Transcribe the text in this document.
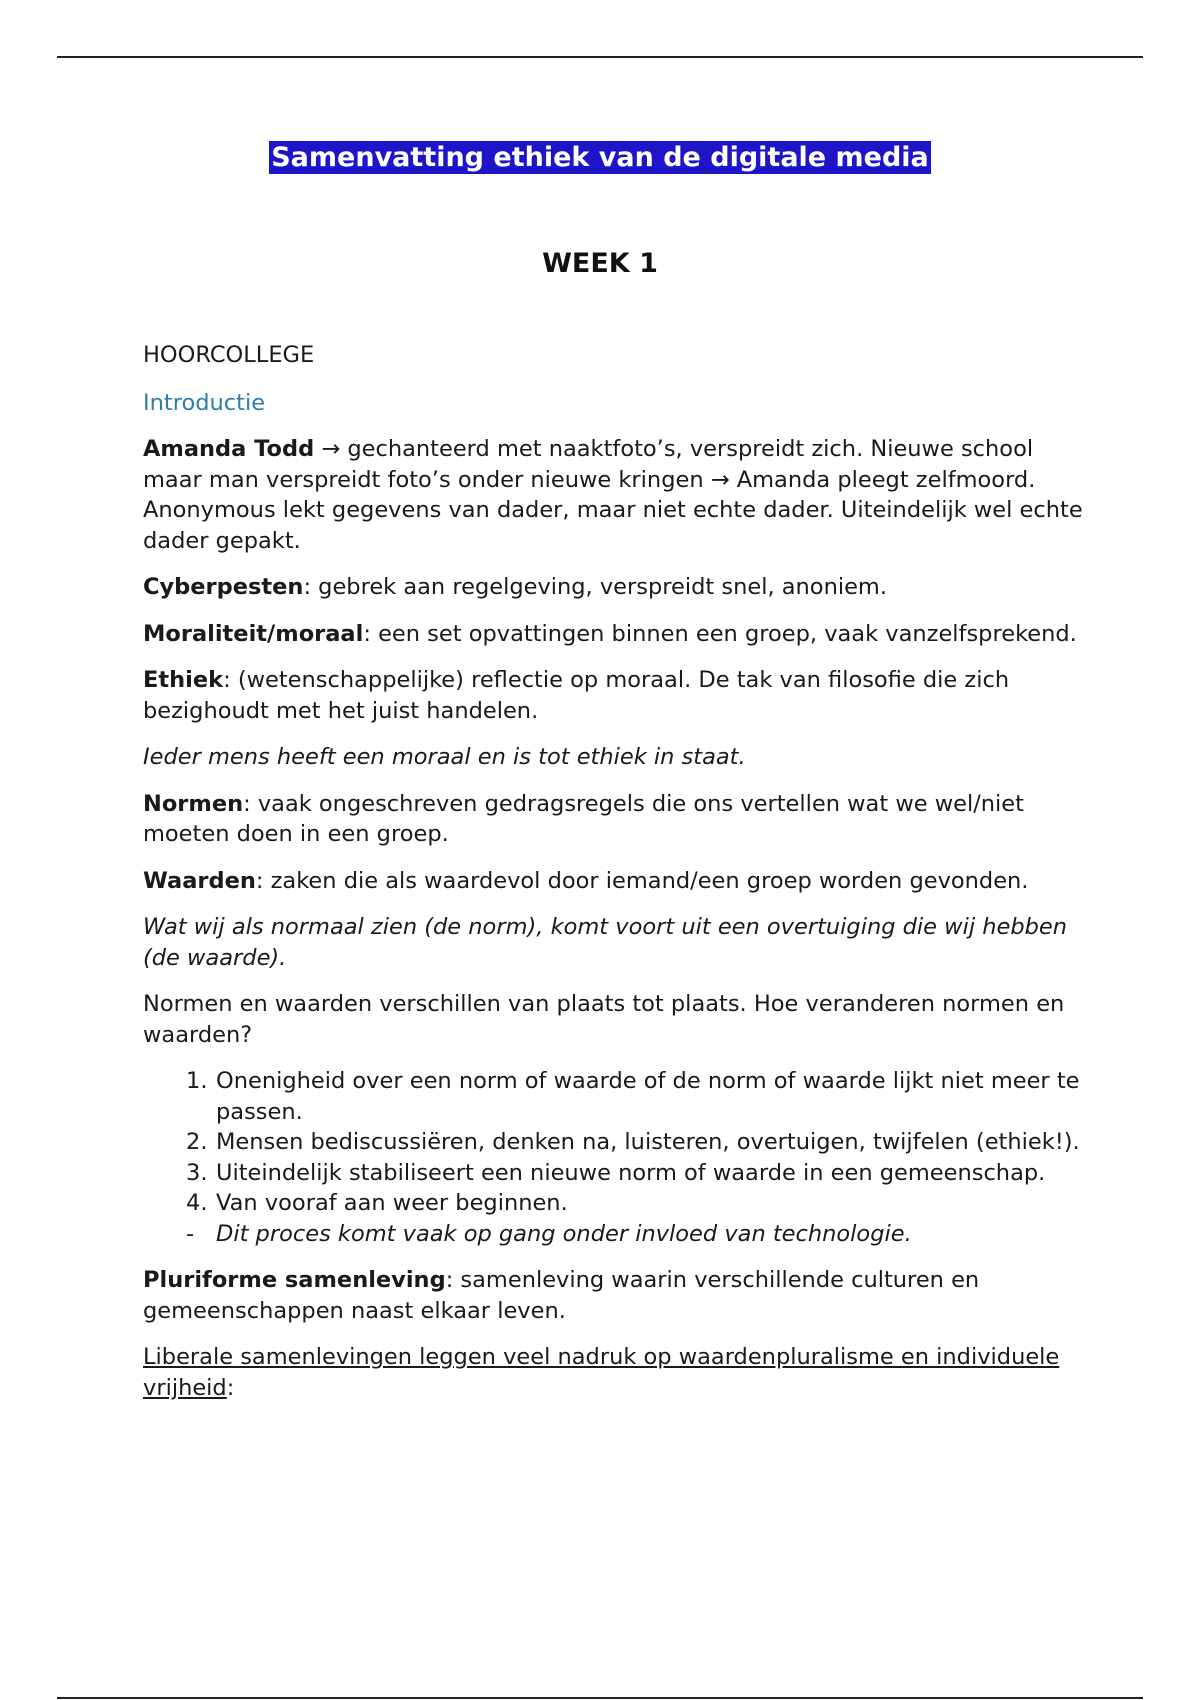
Samenvatting ethiek van de digitale media
WEEK 1

HOORCOLLEGE

Introductie

Amanda Todd → gechanteerd met naaktfoto’s, verspreidt zich. Nieuwe school maar man verspreidt foto’s onder nieuwe kringen → Amanda pleegt zelfmoord. Anonymous lekt gegevens van dader, maar niet echte dader. Uiteindelijk wel echte dader gepakt.

Cyberpesten: gebrek aan regelgeving, verspreidt snel, anoniem.

Moraliteit/moraal: een set opvattingen binnen een groep, vaak vanzelfsprekend.

Ethiek: (wetenschappelijke) reflectie op moraal. De tak van filosofie die zich bezighoudt met het juist handelen.

Ieder mens heeft een moraal en is tot ethiek in staat.

Normen: vaak ongeschreven gedragsregels die ons vertellen wat we wel/niet moeten doen in een groep.

Waarden: zaken die als waardevol door iemand/een groep worden gevonden.

Wat wij als normaal zien (de norm), komt voort uit een overtuiging die wij hebben (de waarde).

Normen en waarden verschillen van plaats tot plaats. Hoe veranderen normen en waarden?

1. Onenigheid over een norm of waarde of de norm of waarde lijkt niet meer te passen.
2. Mensen bediscussiëren, denken na, luisteren, overtuigen, twijfelen (ethiek!).
3. Uiteindelijk stabiliseert een nieuwe norm of waarde in een gemeenschap.
4. Van vooraf aan weer beginnen.
- Dit proces komt vaak op gang onder invloed van technologie.

Pluriforme samenleving: samenleving waarin verschillende culturen en gemeenschappen naast elkaar leven.

Liberale samenlevingen leggen veel nadruk op waardenpluralisme en individuele vrijheid:
